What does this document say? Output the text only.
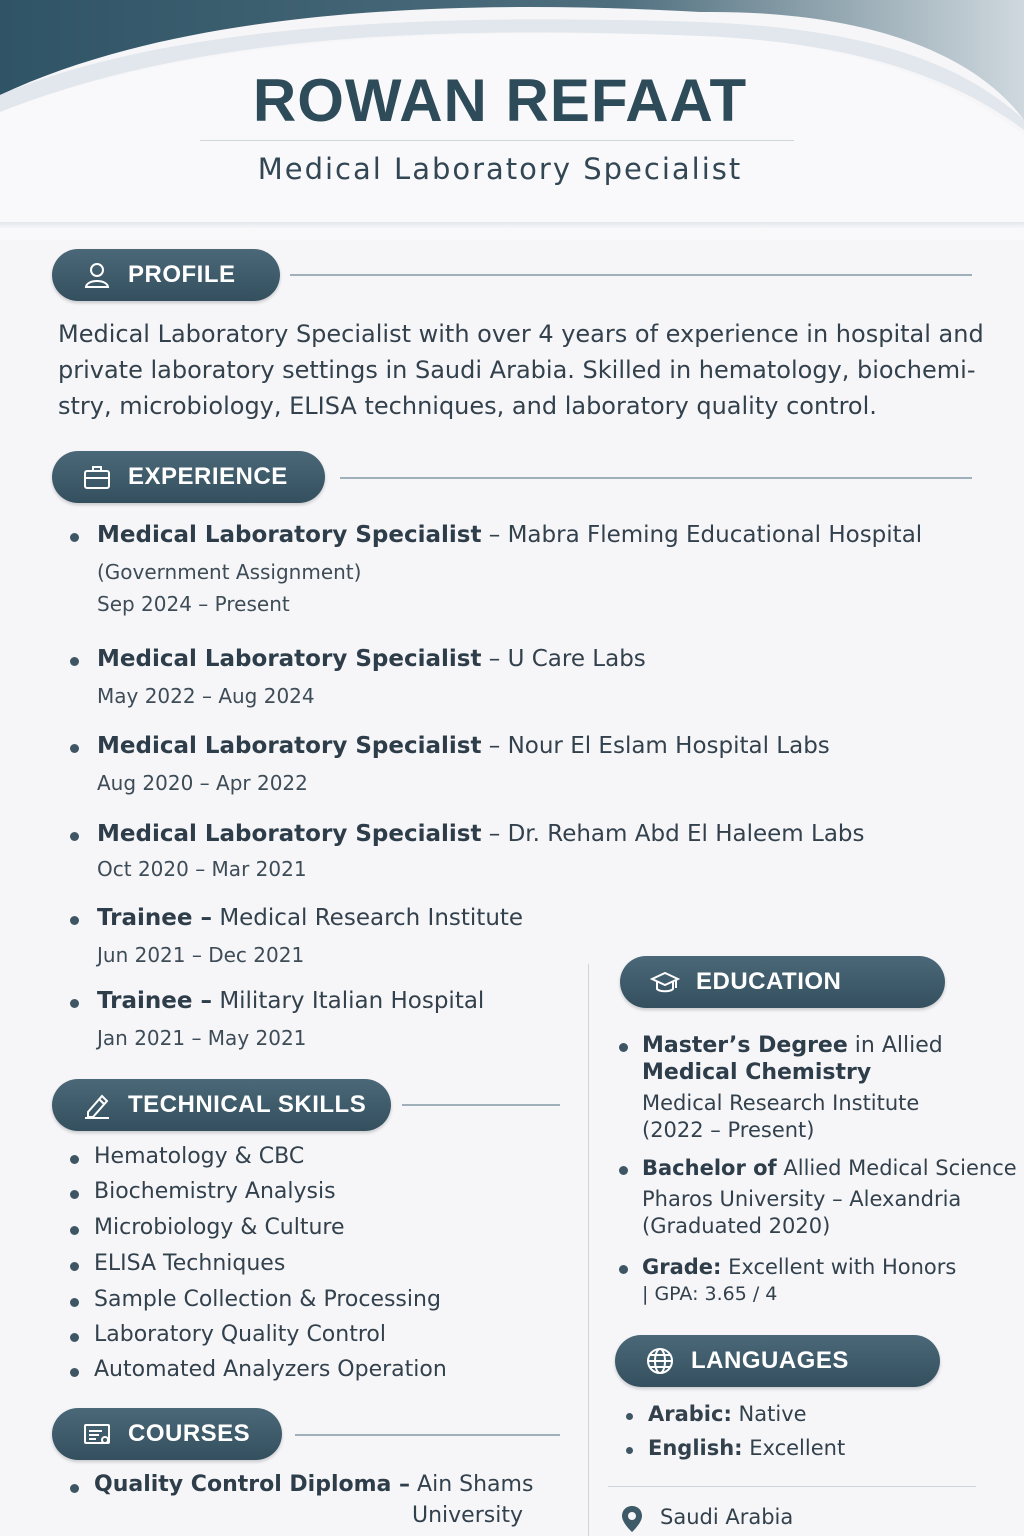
ROWAN REFAAT
Medical Laboratory Specialist
PROFILE
Medical Laboratory Specialist with over 4 years of experience in hospital and private laboratory settings in Saudi Arabia. Skilled in hematology, biochemi- stry, microbiology, ELISA techniques, and laboratory quality control.
EXPERIENCE
Medical Laboratory Specialist – Mabra Fleming Educational Hospital
(Government Assignment)
Sep 2024 – Present
Medical Laboratory Specialist – U Care Labs
May 2022 – Aug 2024
Medical Laboratory Specialist – Nour El Eslam Hospital Labs
Aug 2020 – Apr 2022
Medical Laboratory Specialist – Dr. Reham Abd El Haleem Labs
Oct 2020 – Mar 2021
Trainee – Medical Research Institute
Jun 2021 – Dec 2021
Trainee – Military Italian Hospital
Jan 2021 – May 2021
TECHNICAL SKILLS
Hematology & CBC
Biochemistry Analysis
Microbiology & Culture
ELISA Techniques
Sample Collection & Processing
Laboratory Quality Control
Automated Analyzers Operation
COURSES
Quality Control Diploma – Ain Shams
University
EDUCATION
Master’s Degree in Allied
Medical Chemistry
Medical Research Institute
(2022 – Present)
Bachelor of Allied Medical Science
Pharos University – Alexandria
(Graduated 2020)
Grade: Excellent with Honors
| GPA: 3.65 / 4
LANGUAGES
Arabic: Native
English: Excellent
Saudi Arabia
